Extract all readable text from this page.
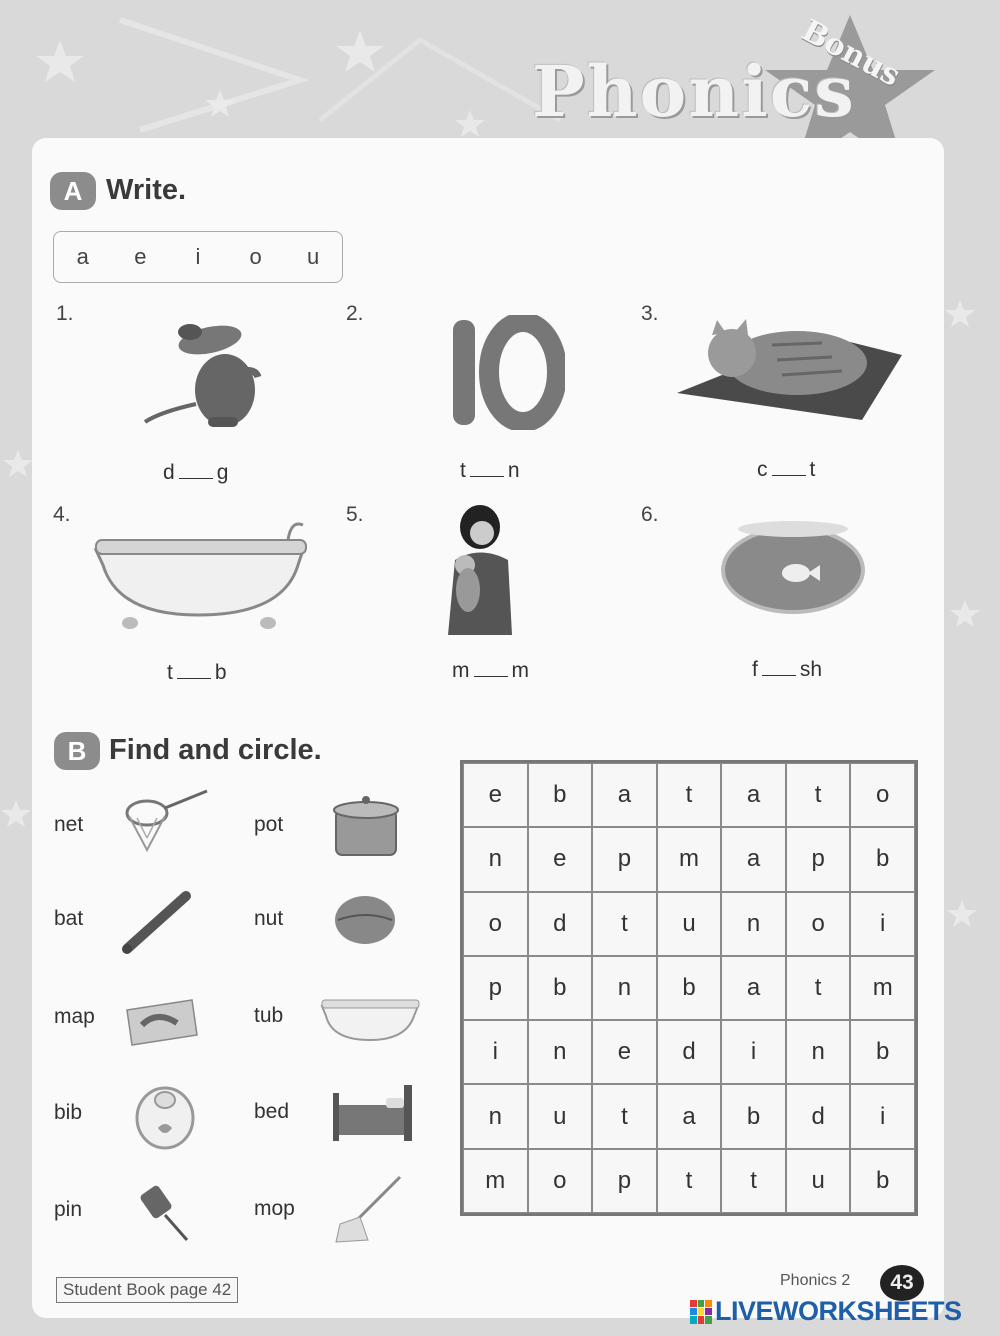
Bonus
Phonics
A Write.
a	e	i	o	u
1.	2.	3.
4.	5.	6.
d g	t n	c t
t b	m m	f sh
B Find and circle.
net
bat
map
bib
pin
pot
nut
tub
bed
mop
e	b	a	t	a	t	o
n	e	p	m	a	p	b
o	d	t	u	n	o	i
p	b	n	b	a	t	m
i	n	e	d	i	n	b
n	u	t	a	b	d	i
m	o	p	t	t	u	b
Student Book page 42	Phonics 2	43
LIVEWORKSHEETS
